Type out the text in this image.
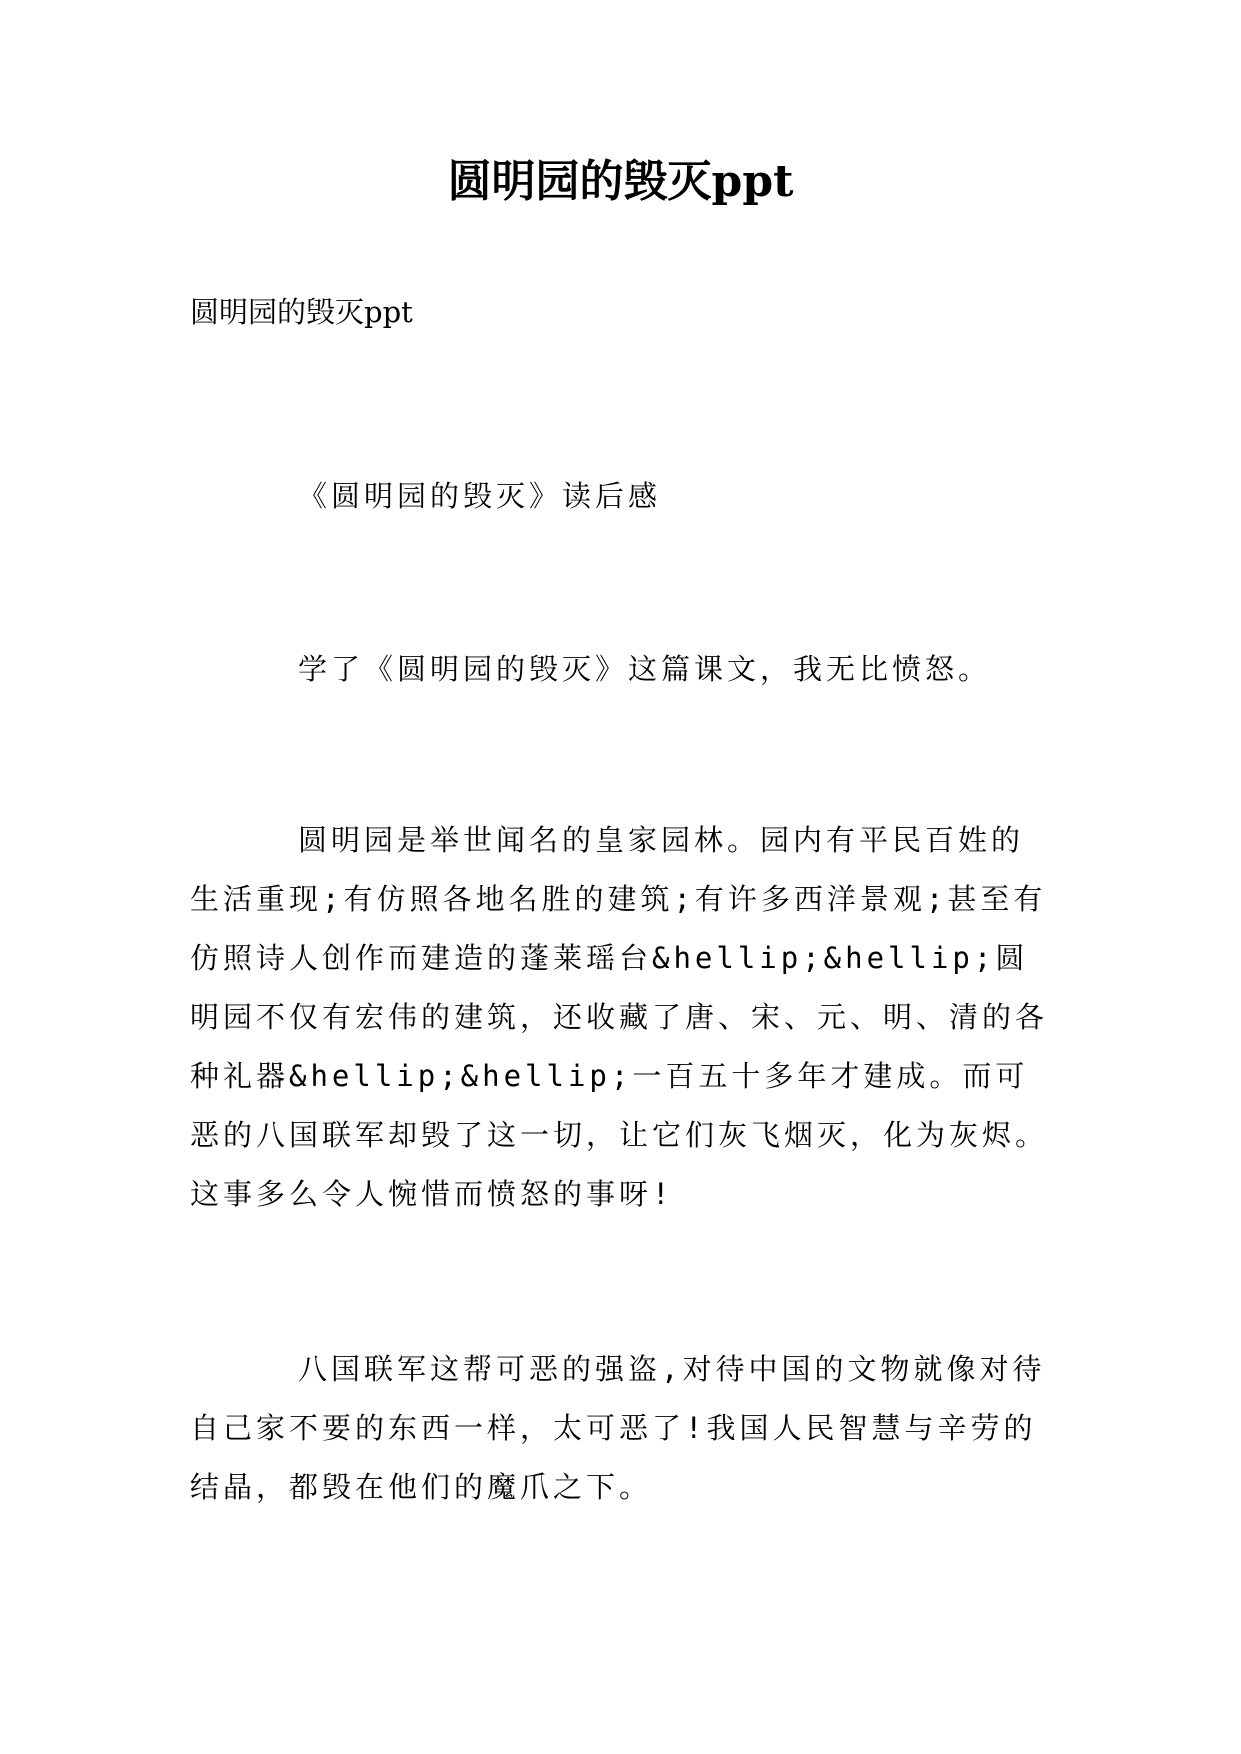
圆明园的毁灭ppt

圆明园的毁灭ppt

《圆明园的毁灭》读后感

学了《圆明园的毁灭》这篇课文，我无比愤怒。

圆明园是举世闻名的皇家园林。园内有平民百姓的生活重现;有仿照各地名胜的建筑;有许多西洋景观;甚至有仿照诗人创作而建造的蓬莱瑶台&hellip;&hellip;圆明园不仅有宏伟的建筑，还收藏了唐、宋、元、明、清的各种礼器&hellip;&hellip;一百五十多年才建成。而可恶的八国联军却毁了这一切，让它们灰飞烟灭，化为灰烬。这事多么令人惋惜而愤怒的事呀!

八国联军这帮可恶的强盗,对待中国的文物就像对待自己家不要的东西一样，太可恶了!我国人民智慧与辛劳的结晶，都毁在他们的魔爪之下。
